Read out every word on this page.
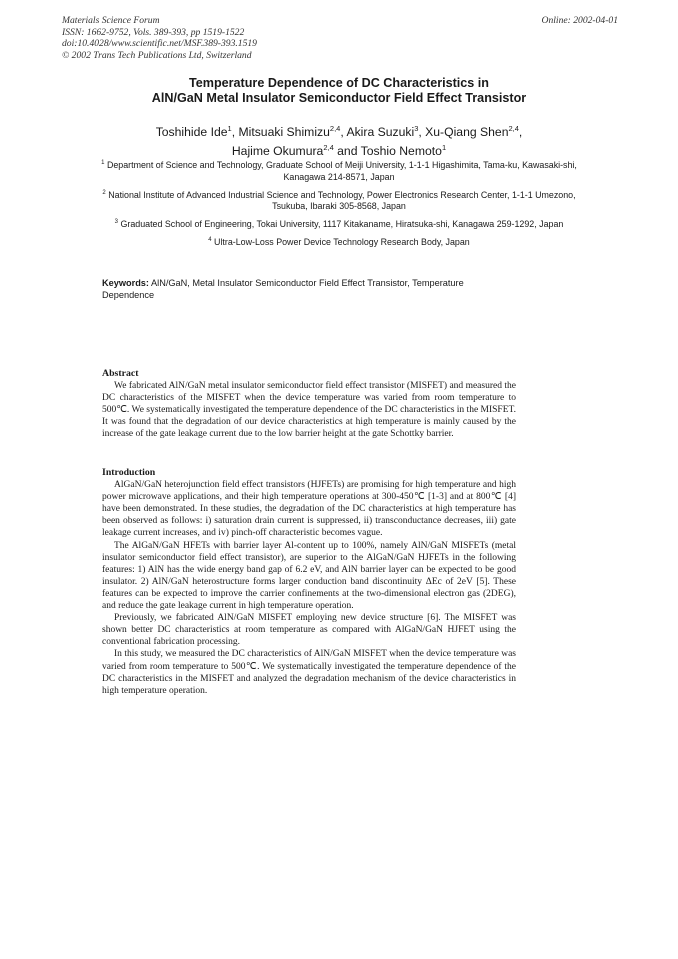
Materials Science Forum
ISSN: 1662-9752, Vols. 389-393, pp 1519-1522
doi:10.4028/www.scientific.net/MSF.389-393.1519
© 2002 Trans Tech Publications Ltd, Switzerland
Online: 2002-04-01
Temperature Dependence of DC Characteristics in
AlN/GaN Metal Insulator Semiconductor Field Effect Transistor
Toshihide Ide$^1$, Mitsuaki Shimizu$^{2,4}$, Akira Suzuki$^3$, Xu-Qiang Shen$^{2,4}$,
Hajime Okumura$^{2,4}$ and Toshio Nemoto$^1$
$^1$ Department of Science and Technology, Graduate School of Meiji University, 1-1-1 Higashimita, Tama-ku, Kawasaki-shi, Kanagawa 214-8571, Japan
$^2$ National Institute of Advanced Industrial Science and Technology, Power Electronics Research Center, 1-1-1 Umezono, Tsukuba, Ibaraki 305-8568, Japan
$^3$ Graduated School of Engineering, Tokai University, 1117 Kitakaname, Hiratsuka-shi, Kanagawa 259-1292, Japan
$^4$ Ultra-Low-Loss Power Device Technology Research Body, Japan
Keywords: AlN/GaN, Metal Insulator Semiconductor Field Effect Transistor, Temperature Dependence

Abstract

We fabricated AlN/GaN metal insulator semiconductor field effect transistor (MISFET) and measured the DC characteristics of the MISFET when the device temperature was varied from room temperature to 500℃. We systematically investigated the temperature dependence of the DC characteristics in the MISFET. It was found that the degradation of our device characteristics at high temperature is mainly caused by the increase of the gate leakage current due to the low barrier height at the gate Schottky barrier.

Introduction

AlGaN/GaN heterojunction field effect transistors (HJFETs) are promising for high temperature and high power microwave applications, and their high temperature operations at 300-450℃ [1-3] and at 800℃ [4] have been demonstrated. In these studies, the degradation of the DC characteristics at high temperature has been observed as follows: i) saturation drain current is suppressed, ii) transconductance decreases, iii) gate leakage current increases, and iv) pinch-off characteristic becomes vague.

The AlGaN/GaN HFETs with barrier layer Al-content up to 100%, namely AlN/GaN MISFETs (metal insulator semiconductor field effect transistor), are superior to the AlGaN/GaN HJFETs in the following features: 1) AlN has the wide energy band gap of 6.2 eV, and AlN barrier layer can be expected to be good insulator. 2) AlN/GaN heterostructure forms larger conduction band discontinuity ΔEc of 2eV [5]. These features can be expected to improve the carrier confinements at the two-dimensional electron gas (2DEG), and reduce the gate leakage current in high temperature operation.

Previously, we fabricated AlN/GaN MISFET employing new device structure [6]. The MISFET was shown better DC characteristics at room temperature as compared with AlGaN/GaN HJFET using the conventional fabrication processing.

In this study, we measured the DC characteristics of AlN/GaN MISFET when the device temperature was varied from room temperature to 500℃. We systematically investigated the temperature dependence of the DC characteristics in the MISFET and analyzed the degradation mechanism of the device characteristics in high temperature operation.
